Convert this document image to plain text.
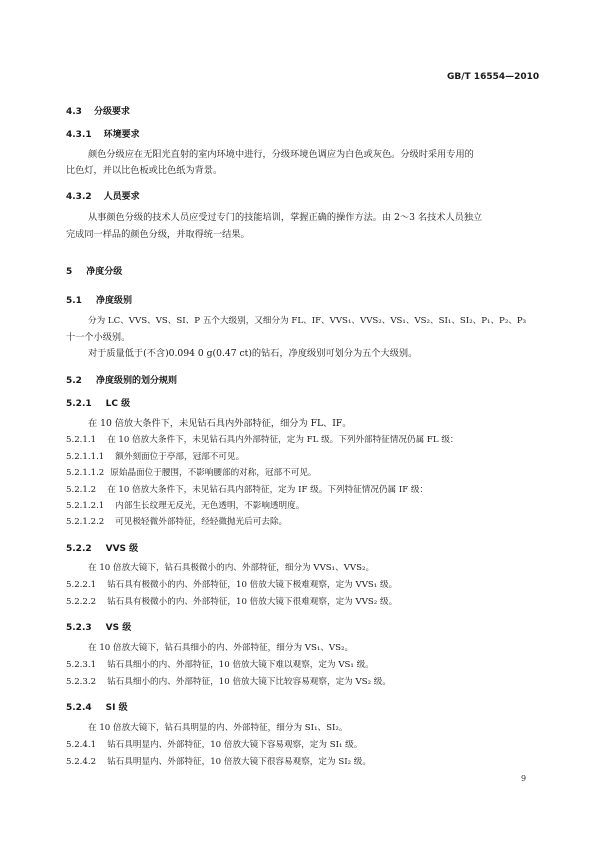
GB/T 16554—2010
4.3 分级要求
4.3.1 环境要求
颜色分级应在无阳光直射的室内环境中进行，分级环境色调应为白色或灰色。分级时采用专用的
比色灯，并以比色板或比色纸为背景。
4.3.2 人员要求
从事颜色分级的技术人员应受过专门的技能培训，掌握正确的操作方法。由 2～3 名技术人员独立
完成同一样品的颜色分级，并取得统一结果。
5 净度分级
5.1 净度级别
分为 LC、VVS、VS、SI、P 五个大级别，又细分为 FL、IF、VVS₁、VVS₂、VS₁、VS₂、SI₁、SI₂、P₁、P₂、P₃
十一个小级别。
对于质量低于(不含)0.094 0 g(0.47 ct)的钻石，净度级别可划分为五个大级别。
5.2 净度级别的划分规则
5.2.1 LC 级
在 10 倍放大条件下，未见钻石具内外部特征，细分为 FL、IF。
5.2.1.1 在 10 倍放大条件下，未见钻石具内外部特征，定为 FL 级。下列外部特征情况仍属 FL 级：
5.2.1.1.1 额外刻面位于亭部，冠部不可见。
5.2.1.1.2 原始晶面位于腰围，不影响腰部的对称，冠部不可见。
5.2.1.2 在 10 倍放大条件下，未见钻石具内部特征，定为 IF 级。下列特征情况仍属 IF 级：
5.2.1.2.1 内部生长纹理无反光，无色透明，不影响透明度。
5.2.1.2.2 可见极轻微外部特征，经轻微抛光后可去除。
5.2.2 VVS 级
在 10 倍放大镜下，钻石具极微小的内、外部特征，细分为 VVS₁、VVS₂。
5.2.2.1 钻石具有极微小的内、外部特征，10 倍放大镜下极难观察，定为 VVS₁ 级。
5.2.2.2 钻石具有极微小的内、外部特征，10 倍放大镜下很难观察，定为 VVS₂ 级。
5.2.3 VS 级
在 10 倍放大镜下，钻石具细小的内、外部特征，细分为 VS₁、VS₂。
5.2.3.1 钻石具细小的内、外部特征，10 倍放大镜下难以观察，定为 VS₁ 级。
5.2.3.2 钻石具细小的内、外部特征，10 倍放大镜下比较容易观察，定为 VS₂ 级。
5.2.4 SI 级
在 10 倍放大镜下，钻石具明显的内、外部特征，细分为 SI₁、SI₂。
5.2.4.1 钻石具明显内、外部特征，10 倍放大镜下容易观察，定为 SI₁ 级。
5.2.4.2 钻石具明显内、外部特征，10 倍放大镜下很容易观察，定为 SI₂ 级。
9
